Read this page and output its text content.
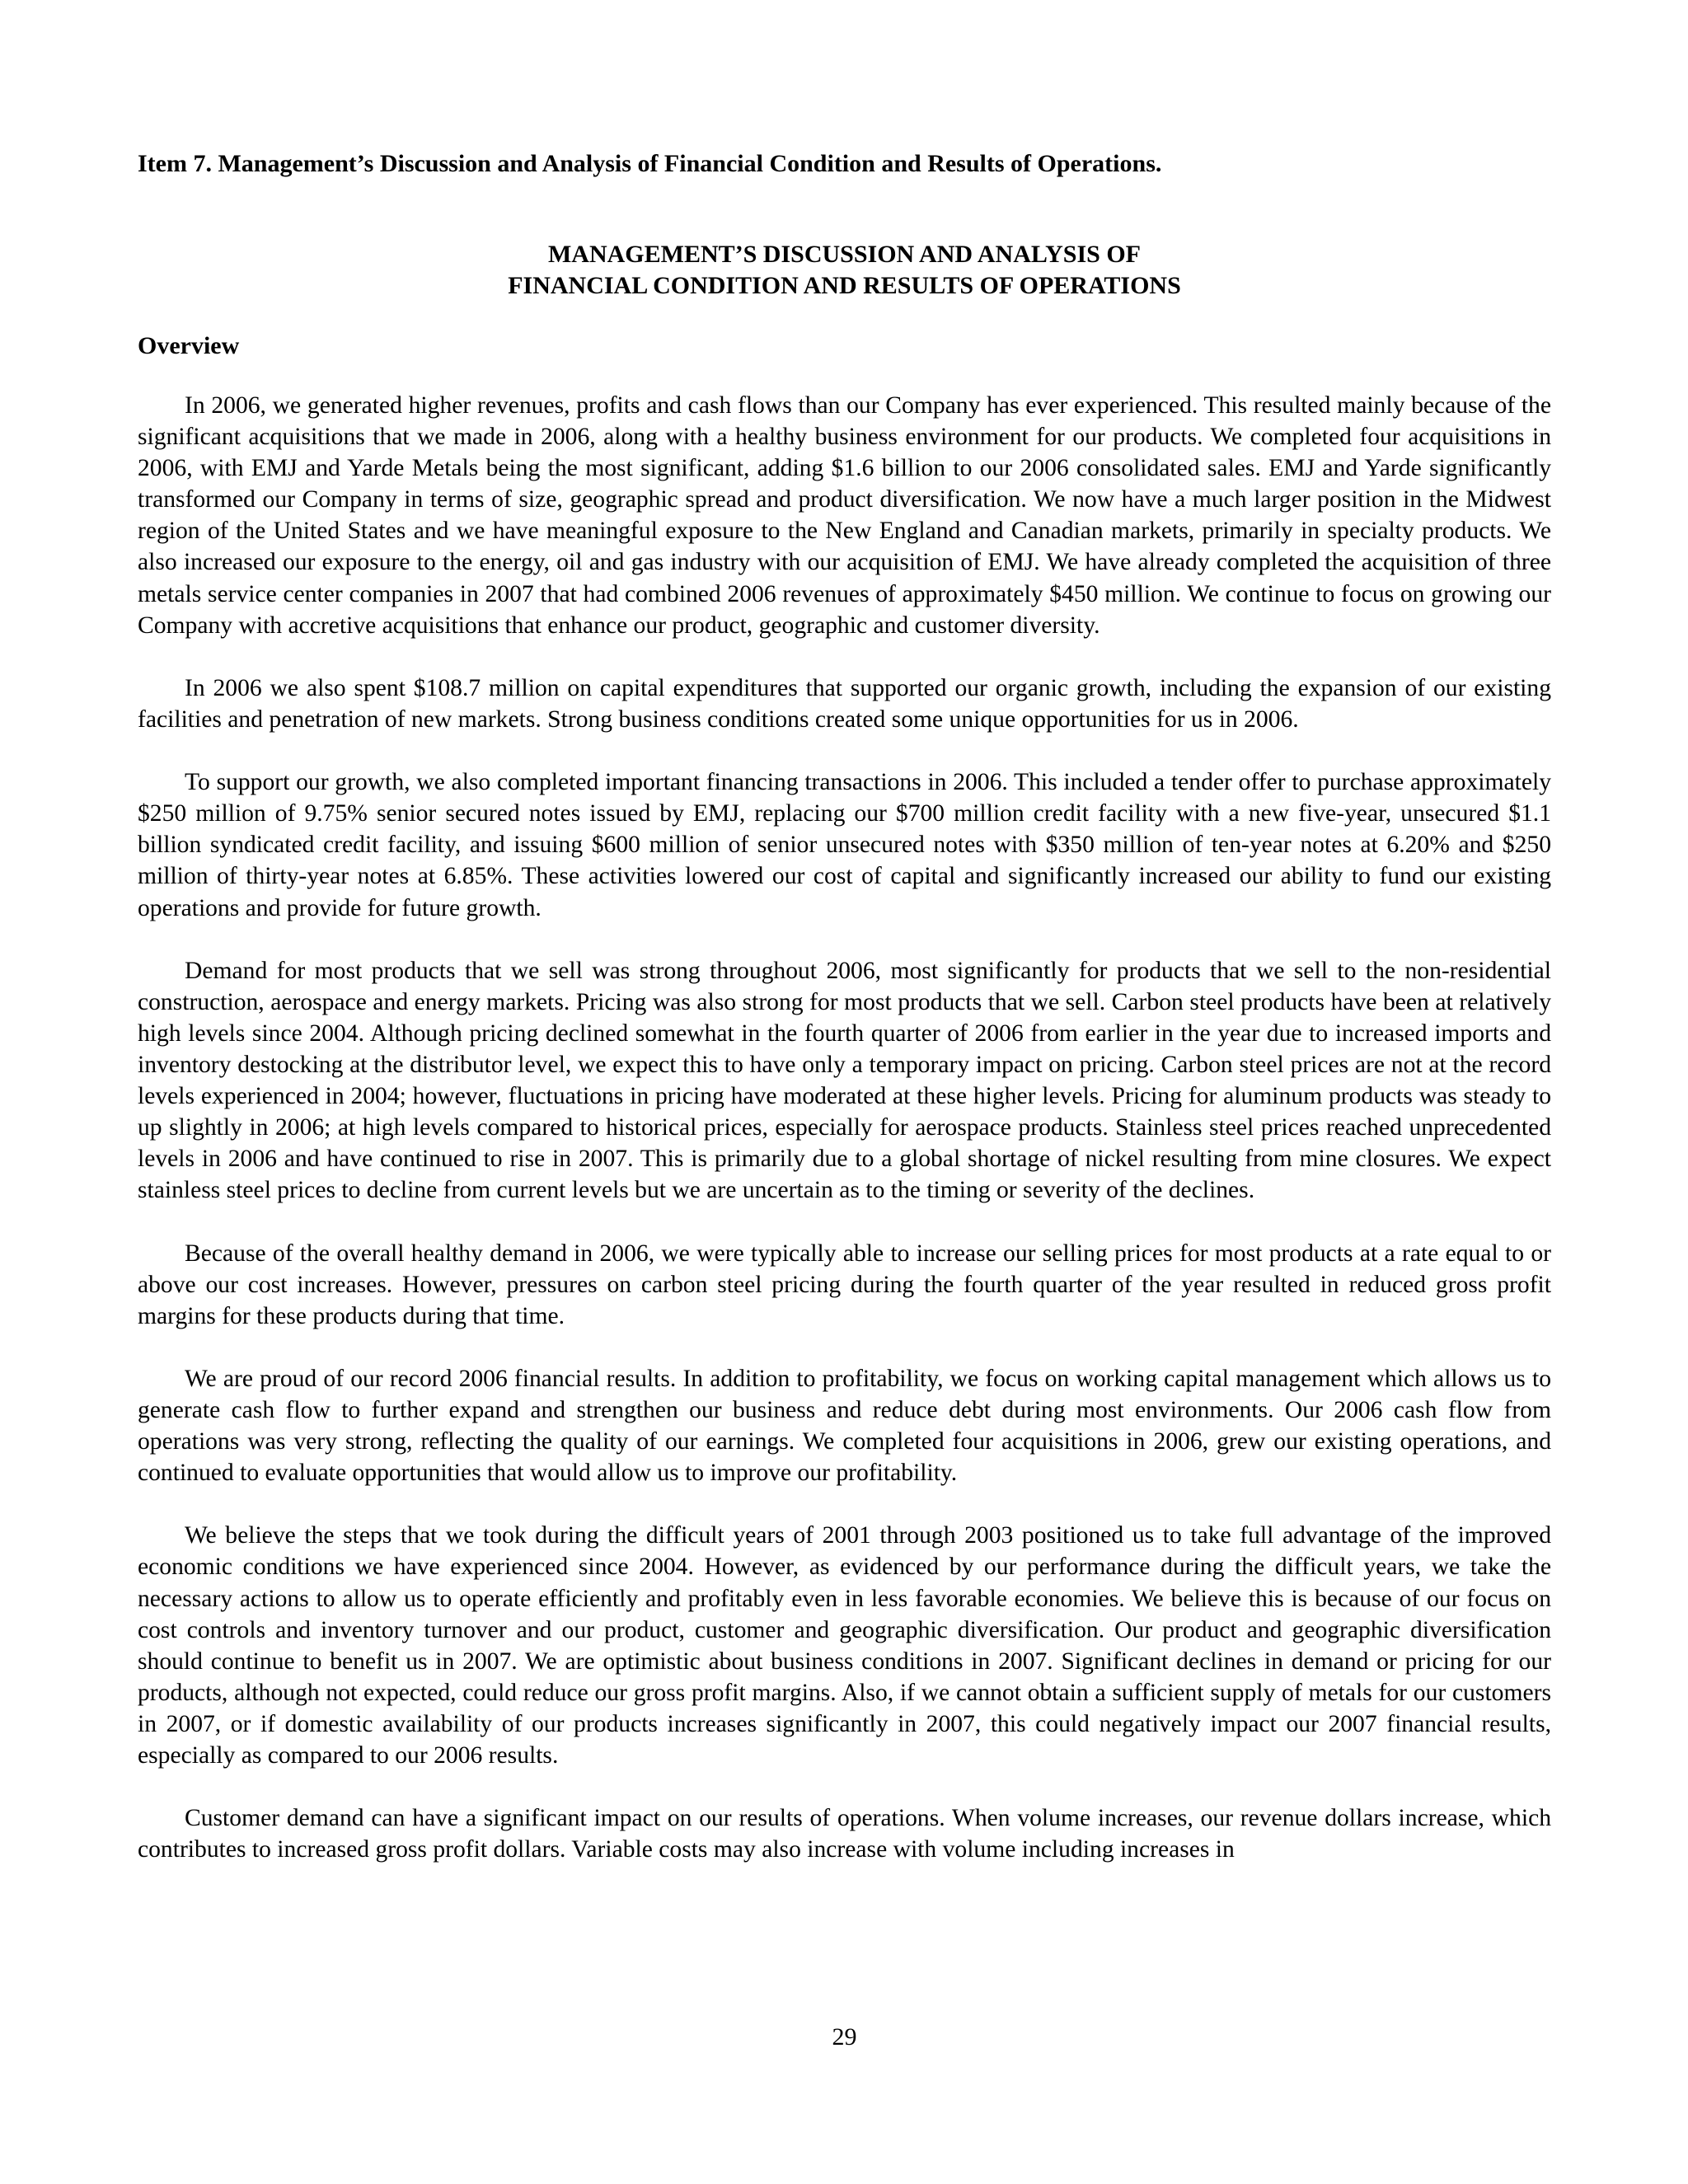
Item 7. Management’s Discussion and Analysis of Financial Condition and Results of Operations.
MANAGEMENT’S DISCUSSION AND ANALYSIS OF
FINANCIAL CONDITION AND RESULTS OF OPERATIONS
Overview

In 2006, we generated higher revenues, profits and cash flows than our Company has ever experienced. This resulted mainly because of the significant acquisitions that we made in 2006, along with a healthy business environment for our products. We completed four acquisitions in 2006, with EMJ and Yarde Metals being the most significant, adding $1.6 billion to our 2006 consolidated sales. EMJ and Yarde significantly transformed our Company in terms of size, geographic spread and product diversification. We now have a much larger position in the Midwest region of the United States and we have meaningful exposure to the New England and Canadian markets, primarily in specialty products. We also increased our exposure to the energy, oil and gas industry with our acquisition of EMJ. We have already completed the acquisition of three metals service center companies in 2007 that had combined 2006 revenues of approximately $450 million. We continue to focus on growing our Company with accretive acquisitions that enhance our product, geographic and customer diversity.

In 2006 we also spent $108.7 million on capital expenditures that supported our organic growth, including the expansion of our existing facilities and penetration of new markets. Strong business conditions created some unique opportunities for us in 2006.

To support our growth, we also completed important financing transactions in 2006. This included a tender offer to purchase approximately $250 million of 9.75% senior secured notes issued by EMJ, replacing our $700 million credit facility with a new five-year, unsecured $1.1 billion syndicated credit facility, and issuing $600 million of senior unsecured notes with $350 million of ten-year notes at 6.20% and $250 million of thirty-year notes at 6.85%. These activities lowered our cost of capital and significantly increased our ability to fund our existing operations and provide for future growth.

Demand for most products that we sell was strong throughout 2006, most significantly for products that we sell to the non-residential construction, aerospace and energy markets. Pricing was also strong for most products that we sell. Carbon steel products have been at relatively high levels since 2004. Although pricing declined somewhat in the fourth quarter of 2006 from earlier in the year due to increased imports and inventory destocking at the distributor level, we expect this to have only a temporary impact on pricing. Carbon steel prices are not at the record levels experienced in 2004; however, fluctuations in pricing have moderated at these higher levels. Pricing for aluminum products was steady to up slightly in 2006; at high levels compared to historical prices, especially for aerospace products. Stainless steel prices reached unprecedented levels in 2006 and have continued to rise in 2007. This is primarily due to a global shortage of nickel resulting from mine closures. We expect stainless steel prices to decline from current levels but we are uncertain as to the timing or severity of the declines.

Because of the overall healthy demand in 2006, we were typically able to increase our selling prices for most products at a rate equal to or above our cost increases. However, pressures on carbon steel pricing during the fourth quarter of the year resulted in reduced gross profit margins for these products during that time.

We are proud of our record 2006 financial results. In addition to profitability, we focus on working capital management which allows us to generate cash flow to further expand and strengthen our business and reduce debt during most environments. Our 2006 cash flow from operations was very strong, reflecting the quality of our earnings. We completed four acquisitions in 2006, grew our existing operations, and continued to evaluate opportunities that would allow us to improve our profitability.

We believe the steps that we took during the difficult years of 2001 through 2003 positioned us to take full advantage of the improved economic conditions we have experienced since 2004. However, as evidenced by our performance during the difficult years, we take the necessary actions to allow us to operate efficiently and profitably even in less favorable economies. We believe this is because of our focus on cost controls and inventory turnover and our product, customer and geographic diversification. Our product and geographic diversification should continue to benefit us in 2007. We are optimistic about business conditions in 2007. Significant declines in demand or pricing for our products, although not expected, could reduce our gross profit margins. Also, if we cannot obtain a sufficient supply of metals for our customers in 2007, or if domestic availability of our products increases significantly in 2007, this could negatively impact our 2007 financial results, especially as compared to our 2006 results.

Customer demand can have a significant impact on our results of operations. When volume increases, our revenue dollars increase, which contributes to increased gross profit dollars. Variable costs may also increase with volume including increases in

29
